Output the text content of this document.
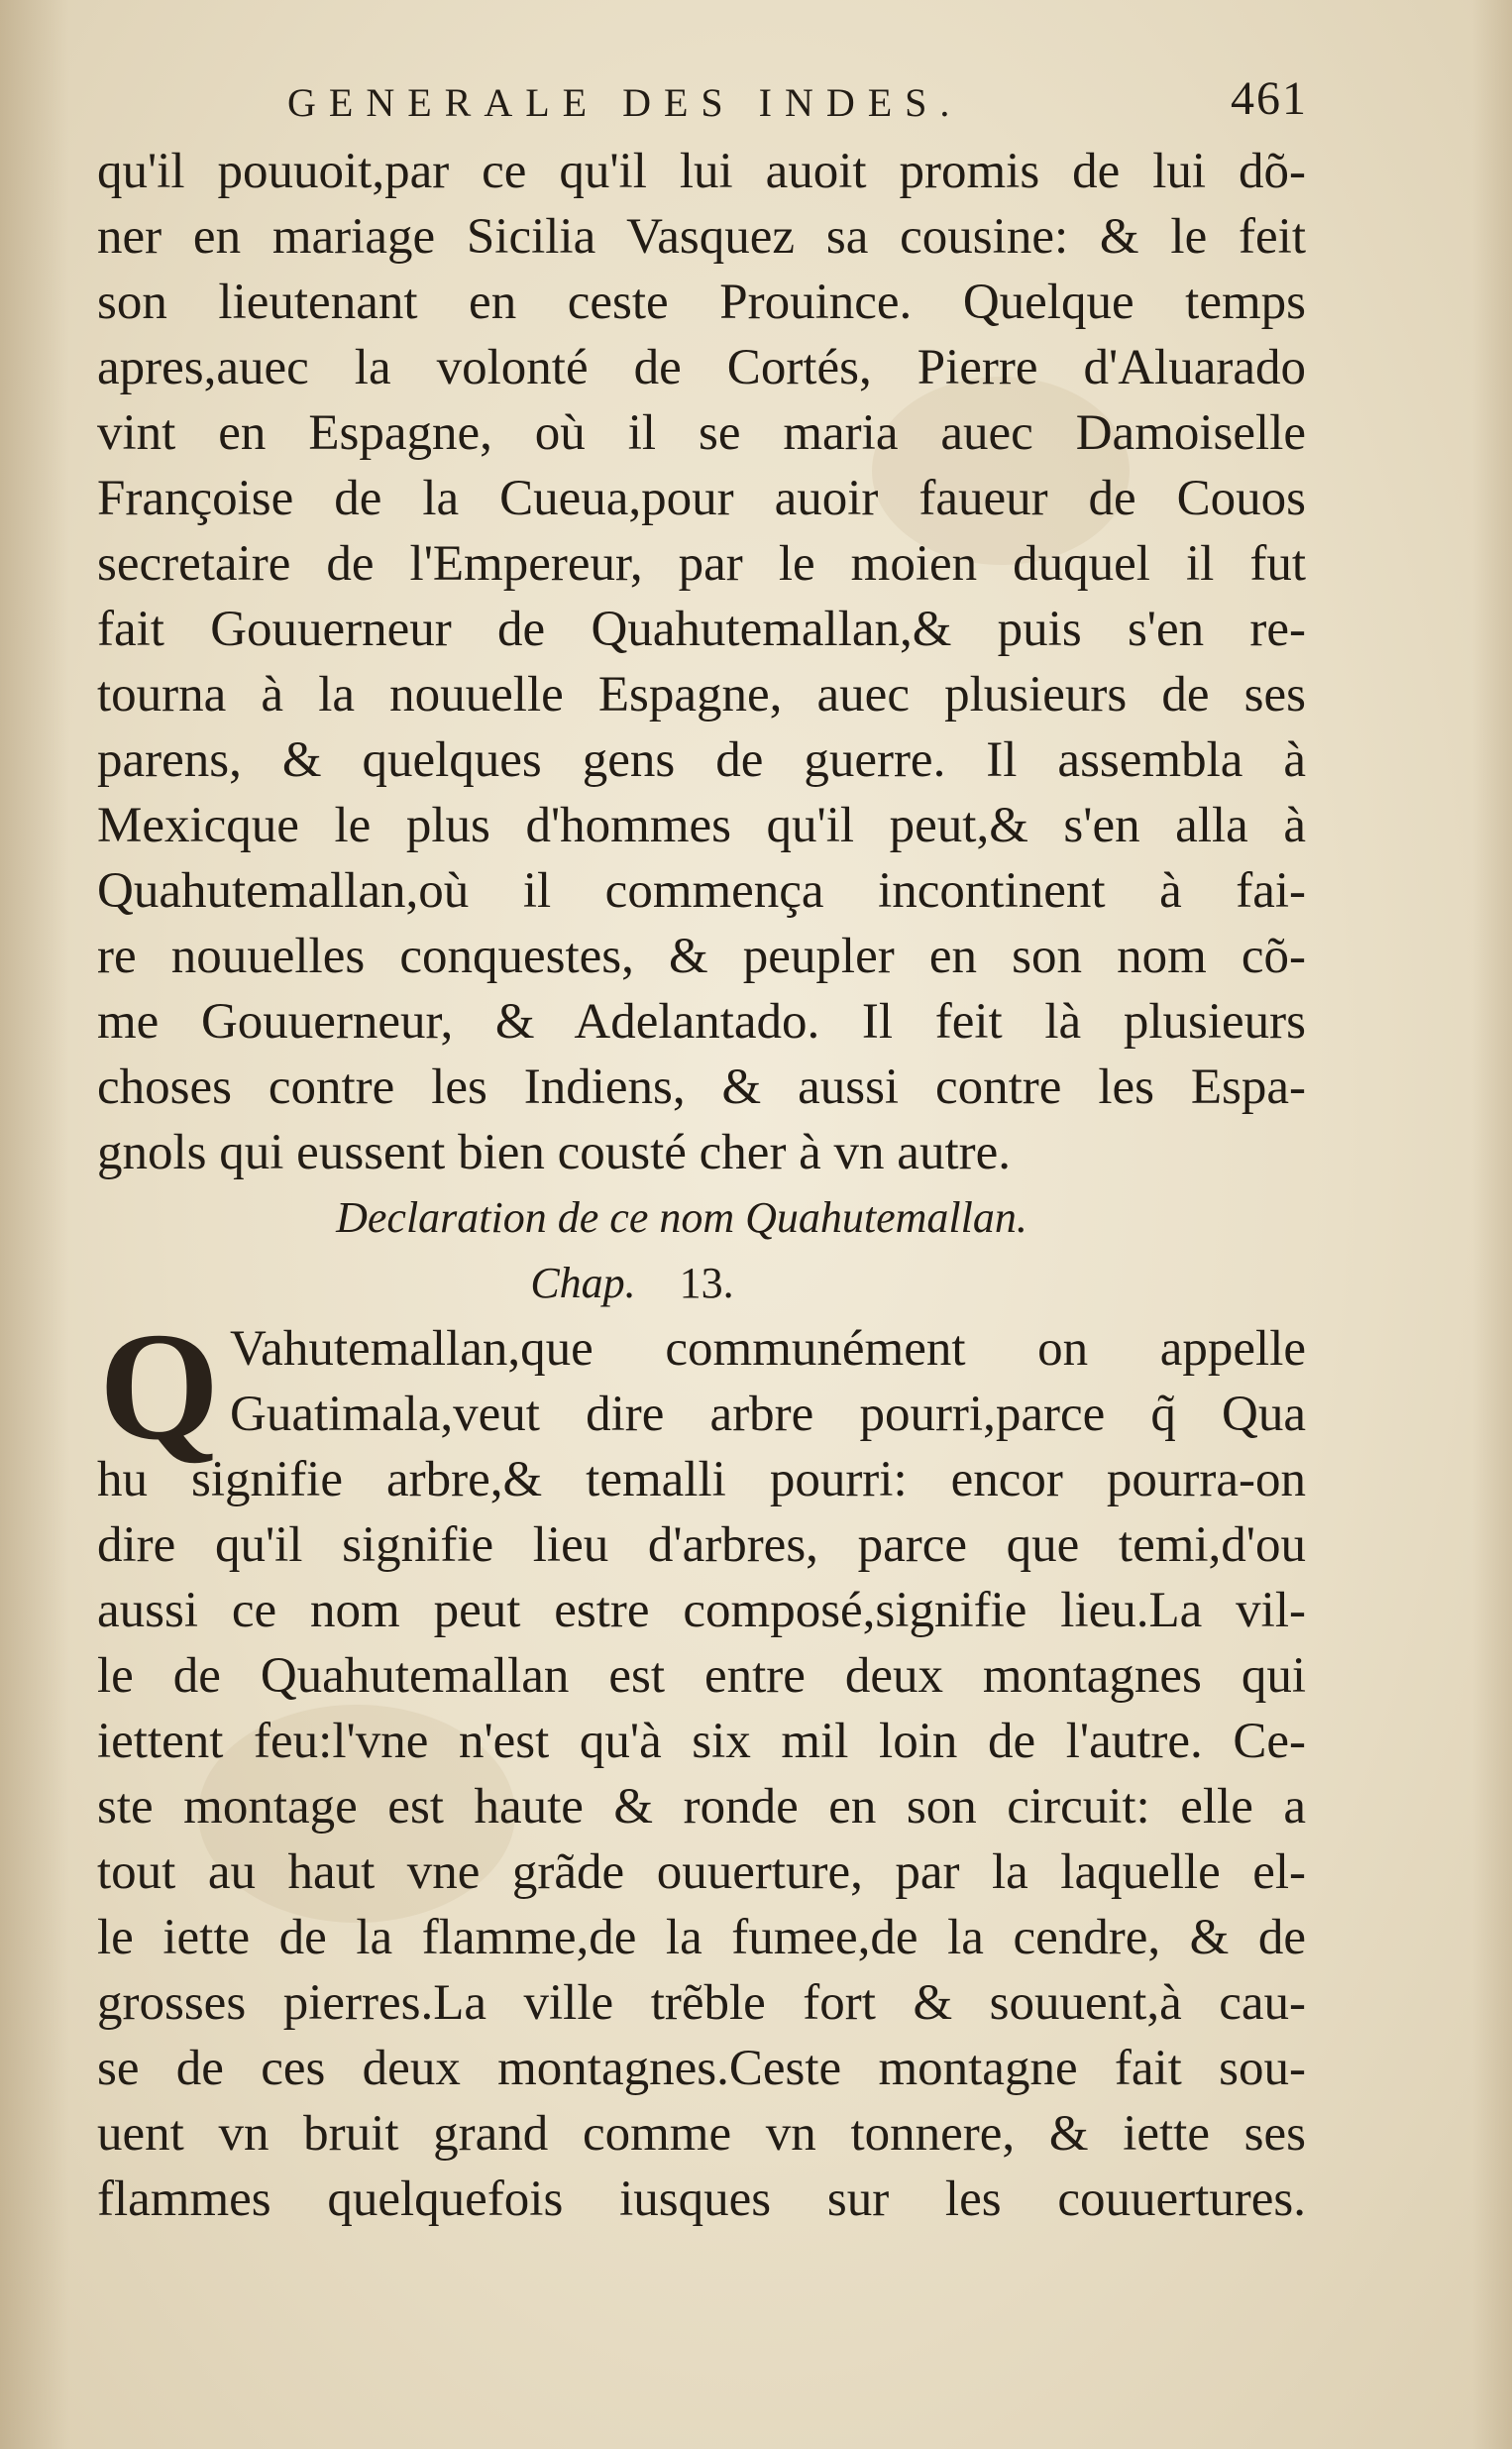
GENERALE DES INDES.	461
qu'il pouuoit,par ce qu'il lui auoit promis de lui dõ-
ner en mariage Sicilia Vasquez sa cousine: & le feit
son lieutenant en ceste Prouince. Quelque temps
apres,auec la volonté de Cortés, Pierre d'Aluarado
vint en Espagne, où il se maria auec Damoiselle
Françoise de la Cueua,pour auoir faueur de Couos
secretaire de l'Empereur, par le moien duquel il fut
fait Gouuerneur de Quahutemallan,& puis s'en re-
tourna à la nouuelle Espagne, auec plusieurs de ses
parens, & quelques gens de guerre. Il assembla à
Mexicque le plus d'hommes qu'il peut,& s'en alla à
Quahutemallan,où il commença incontinent à fai-
re nouuelles conquestes, & peupler en son nom cõ-
me Gouuerneur, & Adelantado. Il feit là plusieurs
choses contre les Indiens, & aussi contre les Espa-
gnols qui eussent bien cousté cher à vn autre.
Declaration de ce nom Quahutemallan.
Chap. 13.
Q Vahutemallan,que communément on appelle
Guatimala,veut dire arbre pourri,parce q̃ Qua
hu signifie arbre,& temalli pourri: encor pourra-on
dire qu'il signifie lieu d'arbres, parce que temi,d'ou
aussi ce nom peut estre composé,signifie lieu.La vil-
le de Quahutemallan est entre deux montagnes qui
iettent feu:l'vne n'est qu'à six mil loin de l'autre. Ce-
ste montage est haute & ronde en son circuit: elle a
tout au haut vne grãde ouuerture, par la laquelle el-
le iette de la flamme,de la fumee,de la cendre, & de
grosses pierres.La ville trẽble fort & souuent,à cau-
se de ces deux montagnes.Ceste montagne fait sou-
uent vn bruit grand comme vn tonnere, & iette ses
flammes quelquefois iusques sur les couuertures.
